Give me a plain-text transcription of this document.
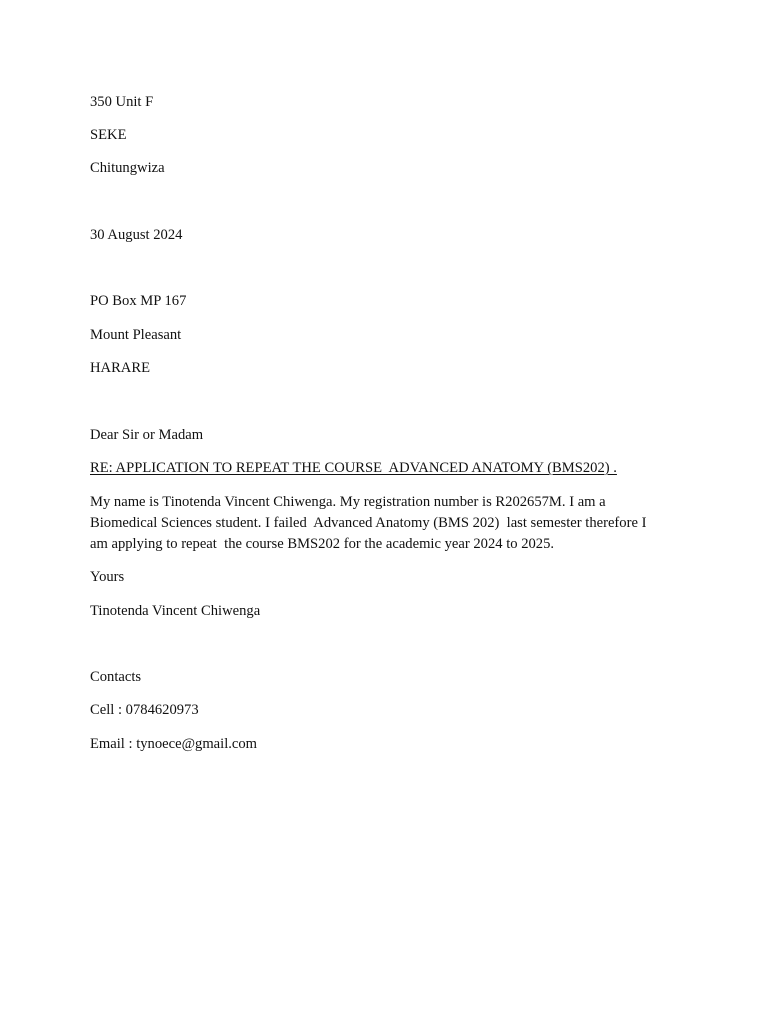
350 Unit F
SEKE
Chitungwiza
30 August 2024
PO Box MP 167
Mount Pleasant
HARARE
Dear Sir or Madam
RE: APPLICATION TO REPEAT THE COURSE  ADVANCED ANATOMY (BMS202) .
My name is Tinotenda Vincent Chiwenga. My registration number is R202657M. I am a
Biomedical Sciences student. I failed  Advanced Anatomy (BMS 202)  last semester therefore I
am applying to repeat  the course BMS202 for the academic year 2024 to 2025.
Yours
Tinotenda Vincent Chiwenga
Contacts
Cell : 0784620973
Email : tynoece@gmail.com
